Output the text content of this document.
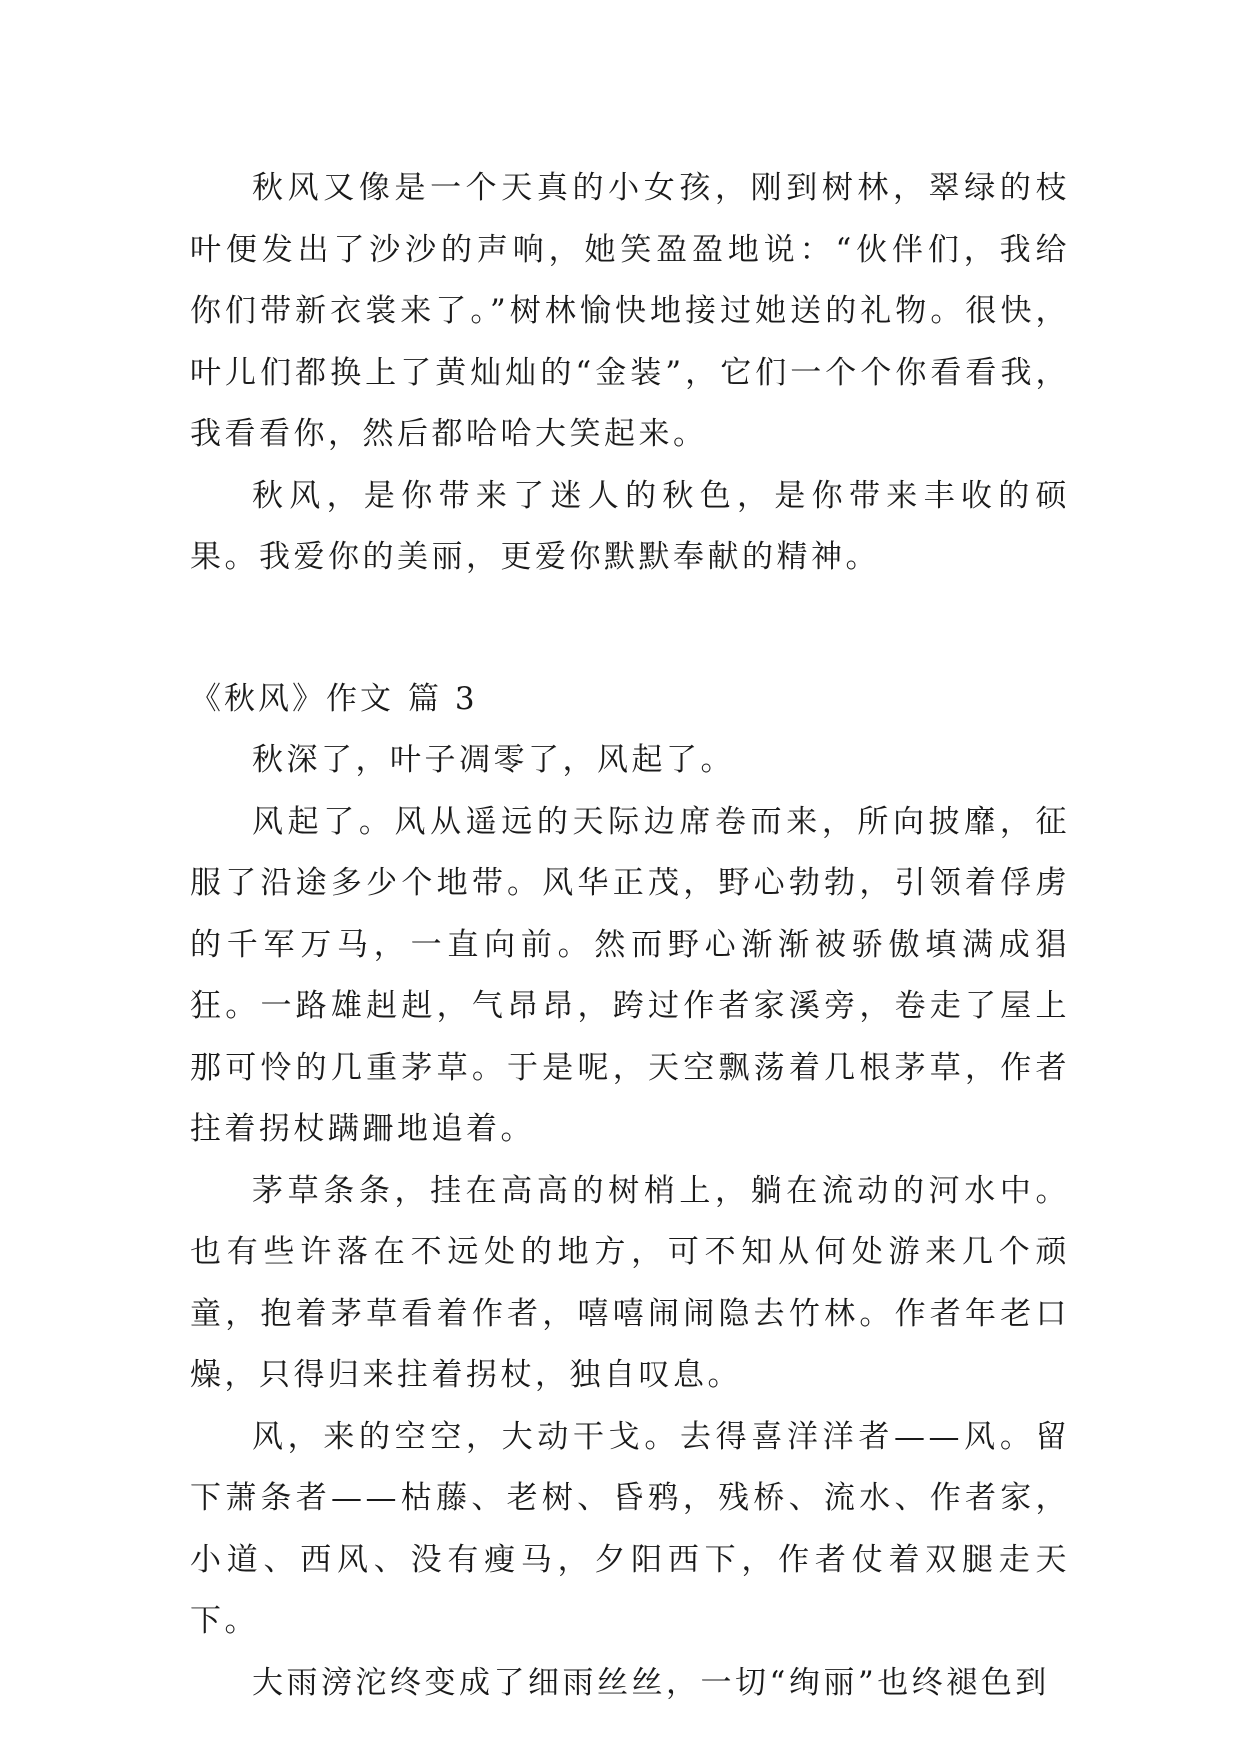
秋风又像是一个天真的小女孩，刚到树林，翠绿的枝叶便发出了沙沙的声响，她笑盈盈地说：“伙伴们，我给你们带新衣裳来了。”树林愉快地接过她送的礼物。很快，叶儿们都换上了黄灿灿的“金装”，它们一个个你看看我，我看看你，然后都哈哈大笑起来。

秋风，是你带来了迷人的秋色，是你带来丰收的硕果。我爱你的美丽，更爱你默默奉献的精神。

《秋风》作文 篇 3

秋深了，叶子凋零了，风起了。

风起了。风从遥远的天际边席卷而来，所向披靡，征服了沿途多少个地带。风华正茂，野心勃勃，引领着俘虏的千军万马，一直向前。然而野心渐渐被骄傲填满成猖狂。一路雄赳赳，气昂昂，跨过作者家溪旁，卷走了屋上那可怜的几重茅草。于是呢，天空飘荡着几根茅草，作者拄着拐杖蹒跚地追着。

茅草条条，挂在高高的树梢上，躺在流动的河水中。也有些许落在不远处的地方，可不知从何处游来几个顽童，抱着茅草看着作者，嘻嘻闹闹隐去竹林。作者年老口燥，只得归来拄着拐杖，独自叹息。

风，来的空空，大动干戈。去得喜洋洋者——风。留下萧条者——枯藤、老树、昏鸦，残桥、流水、作者家，小道、西风、没有瘦马，夕阳西下，作者仗着双腿走天下。

大雨滂沱终变成了细雨丝丝，一切“绚丽”也终褪色到
